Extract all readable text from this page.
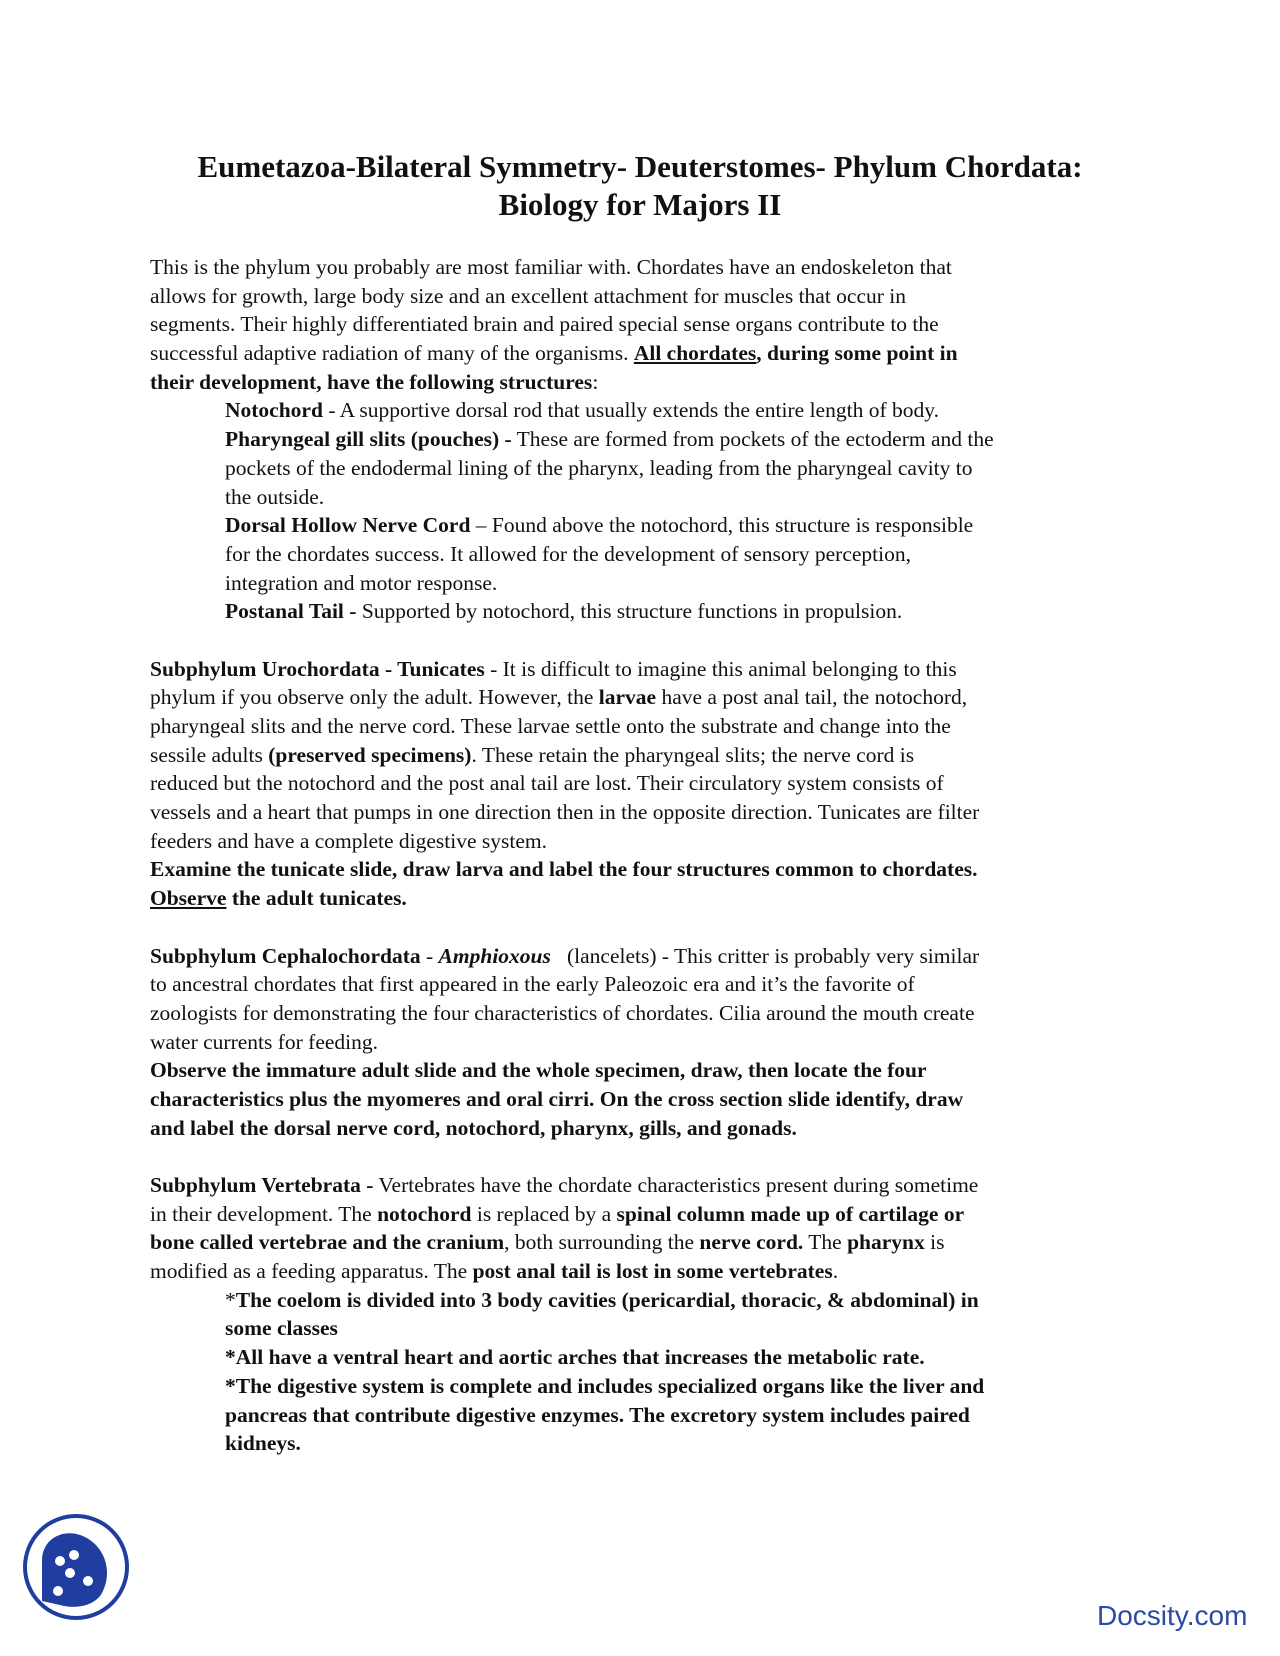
Eumetazoa-Bilateral Symmetry- Deuterstomes- Phylum Chordata:
Biology for Majors II
This is the phylum you probably are most familiar with. Chordates have an endoskeleton that
allows for growth, large body size and an excellent attachment for muscles that occur in
segments. Their highly differentiated brain and paired special sense organs contribute to the
successful adaptive radiation of many of the organisms. All chordates, during some point in
their development, have the following structures:
Notochord - A supportive dorsal rod that usually extends the entire length of body.
Pharyngeal gill slits (pouches) - These are formed from pockets of the ectoderm and the
pockets of the endodermal lining of the pharynx, leading from the pharyngeal cavity to
the outside.
Dorsal Hollow Nerve Cord – Found above the notochord, this structure is responsible
for the chordates success. It allowed for the development of sensory perception,
integration and motor response.
Postanal Tail - Supported by notochord, this structure functions in propulsion.
Subphylum Urochordata - Tunicates - It is difficult to imagine this animal belonging to this
phylum if you observe only the adult. However, the larvae have a post anal tail, the notochord,
pharyngeal slits and the nerve cord. These larvae settle onto the substrate and change into the
sessile adults (preserved specimens). These retain the pharyngeal slits; the nerve cord is
reduced but the notochord and the post anal tail are lost. Their circulatory system consists of
vessels and a heart that pumps in one direction then in the opposite direction. Tunicates are filter
feeders and have a complete digestive system.
Examine the tunicate slide, draw larva and label the four structures common to chordates.
Observe the adult tunicates.
Subphylum Cephalochordata - Amphioxous   (lancelets) - This critter is probably very similar
to ancestral chordates that first appeared in the early Paleozoic era and it’s the favorite of
zoologists for demonstrating the four characteristics of chordates. Cilia around the mouth create
water currents for feeding.
Observe the immature adult slide and the whole specimen, draw, then locate the four
characteristics plus the myomeres and oral cirri. On the cross section slide identify, draw
and label the dorsal nerve cord, notochord, pharynx, gills, and gonads.
Subphylum Vertebrata - Vertebrates have the chordate characteristics present during sometime
in their development. The notochord is replaced by a spinal column made up of cartilage or
bone called vertebrae and the cranium, both surrounding the nerve cord. The pharynx is
modified as a feeding apparatus. The post anal tail is lost in some vertebrates.
*The coelom is divided into 3 body cavities (pericardial, thoracic, & abdominal) in
some classes
*All have a ventral heart and aortic arches that increases the metabolic rate.
*The digestive system is complete and includes specialized organs like the liver and
pancreas that contribute digestive enzymes. The excretory system includes paired
kidneys.
Docsity.com
